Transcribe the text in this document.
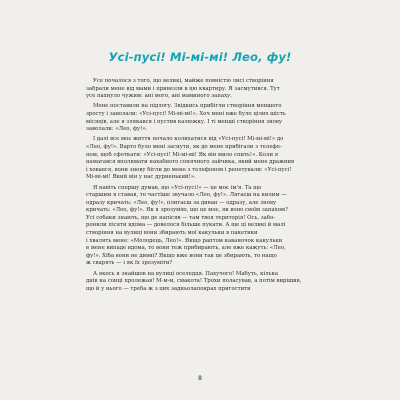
Усі-пусі! Мі-мі-мі! Лео, фу!
Усе почалося з того, що великі, майже повністю лисі створіння
забрали мене від мами і привезли в цю квартиру. Я засмутився. Тут
усе пахнуло чужим: ані мого, ані маминого запаху.
Мене поставили на підлогу. Звідкись прибігли створіння меншого
зросту і заволали: «Усі-пусі! Мі-мі-мі!». Хоч мені вже було цілих шість
місяців, але я злякався і пустив калюжку. І ті менші створіння знову
заволали: «Лео, фу!».
І далі все моє життя почало колихатися від «Усі-пусі! Мі-мі-мі!» до
«Лео, фу!». Варто було мені заснути, як до мене прибігали з телефо-
ном, щоб сфоткати: «Усі-пусі! Мі-мі-мі! Як він мило спить!». Коли я
намагався вполювати нахабного сонячного зайчика, який мене дражнив
і ховався, вони знову бігли до мене з телефоном і репетували: «Усі-пусі!
Мі-мі-мі! Який він у нас дурненький!».
Я навіть спершу думав, що «Усі-пусі!» — це моє ім'я. Та що
старшим я ставав, то частіше звучало «Лео, фу!». Лягаєш на килим —
одразу кричать: «Лео, фу!», плигаєш за диван — одразу, але знову
кричать: «Лео, фу!». Як я зрозумію, що це моє, як воно своїм запахом?
Усі собаки знають, що де напісяв — там твоя територія! Ось, забо-
ронили пісяти вдома — довелося більше пукати. А ще ці великі й малі
створіння на вулиці вони збирають мої какульки в пакетики
і хвалять мене: «Молодець, Лео!». Якщо раптом каваночок какульки
в мене випаде вдома, то вони теж прибирають, але вже кажуть: «Лео,
фу!». Хіба вони не дивні? Якщо вже вони так це збирають, то нащо
ж сварять — і як їх зрозуміти?
А якось я знайшов на вулиці оселедця. Пахучого! Мабуть, кілька
днів на сонці пролежав! М-м-м, смакота! Трохи поласував, а потім вирішив,
що й у нього — треба ж з цих задньолапокрах пригостити
8
